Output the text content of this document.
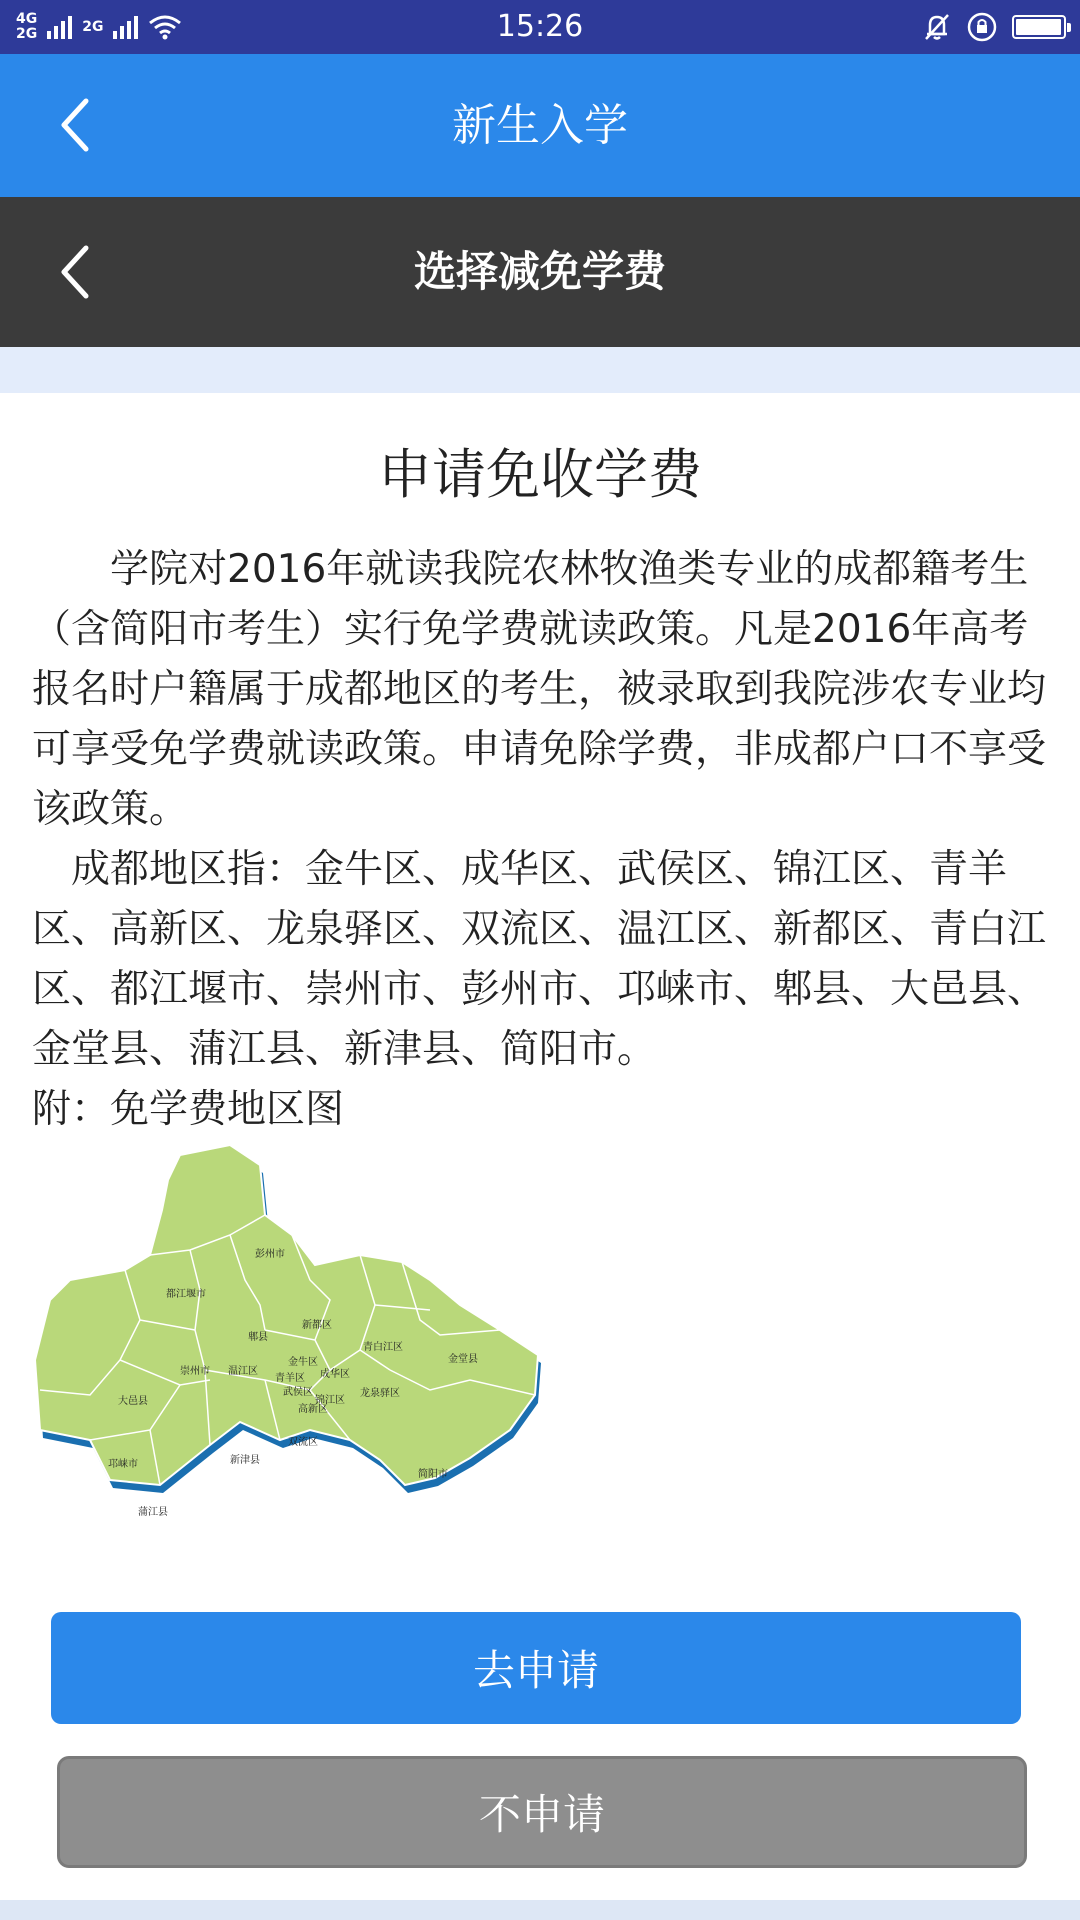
4G
2G	2G	15:26
新生入学
选择减免学费
申请免收学费

学院对2016年就读我院农林牧渔类专业的成都籍考生（含简阳市考生）实行免学费就读政策。凡是2016年高考报名时户籍属于成都地区的考生，被录取到我院涉农专业均可享受免学费就读政策。申请免除学费，非成都户口不享受该政策。

成都地区指：金牛区、成华区、武侯区、锦江区、青羊区、高新区、龙泉驿区、双流区、温江区、新都区、青白江区、都江堰市、崇州市、彭州市、邛崃市、郫县、大邑县、金堂县、蒲江县、新津县、简阳市。

附：免学费地区图

彭州市
都江堰市
郫县
新都区
青白江区
金堂县
崇州市 温江区
金牛区
青羊区 成华区
武侯区
锦江区
高新区
龙泉驿区
大邑县
双流区
邛崃市	新津县
简阳市
蒲江县
去申请
不申请
